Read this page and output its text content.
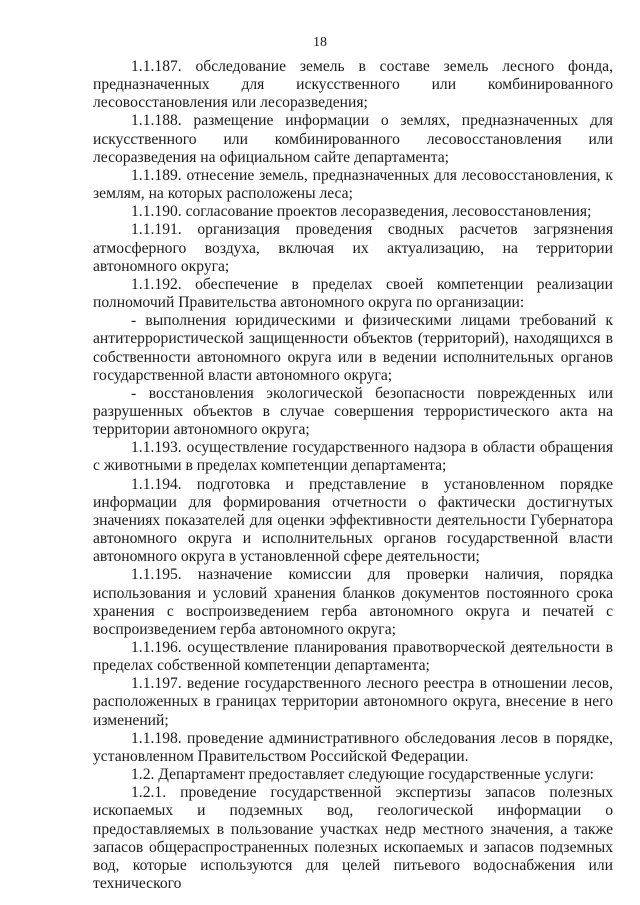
18

1.1.187. обследование земель в составе земель лесного фонда, предназначенных для искусственного или комбинированного лесовосстановления или лесоразведения;

1.1.188. размещение информации о землях, предназначенных для искусственного или комбинированного лесовосстановления или лесоразведения на официальном сайте департамента;

1.1.189. отнесение земель, предназначенных для лесовосстановления, к землям, на которых расположены леса;

1.1.190. согласование проектов лесоразведения, лесовосстановления;

1.1.191. организация проведения сводных расчетов загрязнения атмосферного воздуха, включая их актуализацию, на территории автономного округа;

1.1.192. обеспечение в пределах своей компетенции реализации полномочий Правительства автономного округа по организации:

- выполнения юридическими и физическими лицами требований к антитеррористической защищенности объектов (территорий), находящихся в собственности автономного округа или в ведении исполнительных органов государственной власти автономного округа;

- восстановления экологической безопасности поврежденных или разрушенных объектов в случае совершения террористического акта на территории автономного округа;

1.1.193. осуществление государственного надзора в области обращения с животными в пределах компетенции департамента;

1.1.194. подготовка и представление в установленном порядке информации для формирования отчетности о фактически достигнутых значениях показателей для оценки эффективности деятельности Губернатора автономного округа и исполнительных органов государственной власти автономного округа в установленной сфере деятельности;

1.1.195. назначение комиссии для проверки наличия, порядка использования и условий хранения бланков документов постоянного срока хранения с воспроизведением герба автономного округа и печатей с воспроизведением герба автономного округа;

1.1.196. осуществление планирования правотворческой деятельности в пределах собственной компетенции департамента;

1.1.197. ведение государственного лесного реестра в отношении лесов, расположенных в границах территории автономного округа, внесение в него изменений;

1.1.198. проведение административного обследования лесов в порядке, установленном Правительством Российской Федерации.

1.2. Департамент предоставляет следующие государственные услуги:

1.2.1. проведение государственной экспертизы запасов полезных ископаемых и подземных вод, геологической информации о предоставляемых в пользование участках недр местного значения, а также запасов общераспространенных полезных ископаемых и запасов подземных вод, которые используются для целей питьевого водоснабжения или технического
